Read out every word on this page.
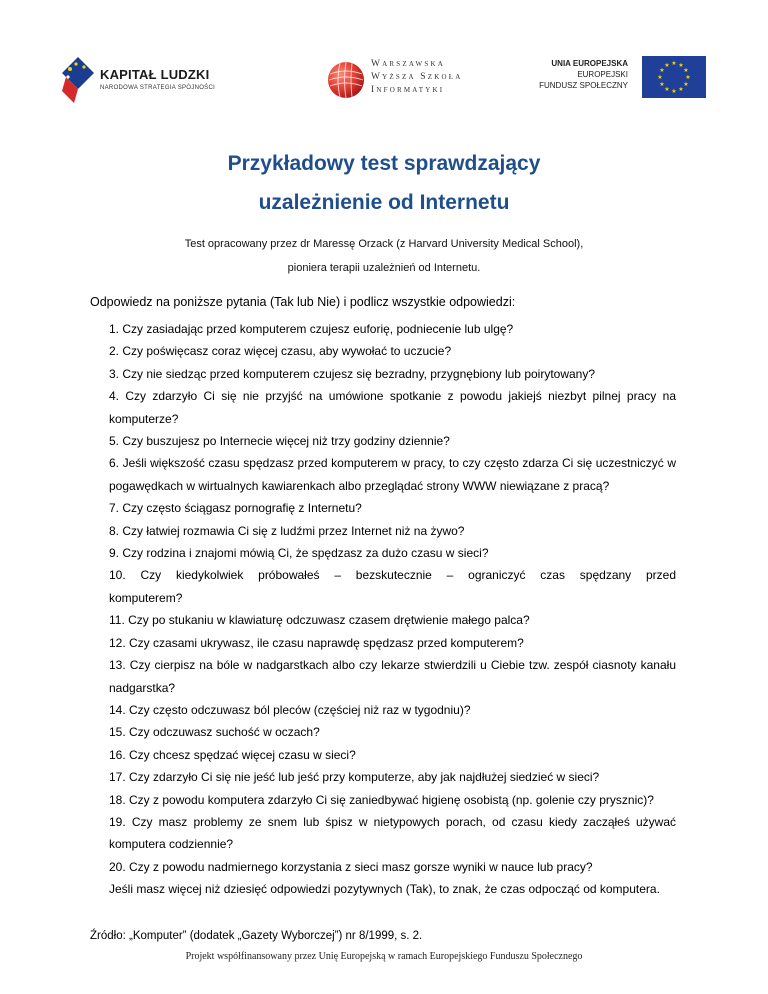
KAPITAŁ LUDZKI
NARODOWA STRATEGIA SPÓJNOŚCI
Warszawska
Wyższa Szkoła
Informatyki
UNIA EUROPEJSKA
EUROPEJSKI
FUNDUSZ SPOŁECZNY
★ ★
★
★
★
★
★
★
★
★
★
★
Przykładowy test sprawdzający
uzależnienie od Internetu
Test opracowany przez dr Maressę Orzack (z Harvard University Medical School),
pioniera terapii uzależnień od Internetu.
Odpowiedz na poniższe pytania (Tak lub Nie) i podlicz wszystkie odpowiedzi:

1. Czy zasiadając przed komputerem czujesz euforię, podniecenie lub ulgę?

2. Czy poświęcasz coraz więcej czasu, aby wywołać to uczucie?

3. Czy nie siedząc przed komputerem czujesz się bezradny, przygnębiony lub poirytowany?

4. Czy zdarzyło Ci się nie przyjść na umówione spotkanie z powodu jakiejś niezbyt pilnej pracy na komputerze?

5. Czy buszujesz po Internecie więcej niż trzy godziny dziennie?

6. Jeśli większość czasu spędzasz przed komputerem w pracy, to czy często zdarza Ci się uczestniczyć w pogawędkach w wirtualnych kawiarenkach albo przeglądać strony WWW niewiązane z pracą?

7. Czy często ściągasz pornografię z Internetu?

8. Czy łatwiej rozmawia Ci się z ludźmi przez Internet niż na żywo?

9. Czy rodzina i znajomi mówią Ci, że spędzasz za dużo czasu w sieci?

10. Czy kiedykolwiek próbowałeś – bezskutecznie – ograniczyć czas spędzany przed

komputerem?

11. Czy po stukaniu w klawiaturę odczuwasz czasem drętwienie małego palca?

12. Czy czasami ukrywasz, ile czasu naprawdę spędzasz przed komputerem?

13. Czy cierpisz na bóle w nadgarstkach albo czy lekarze stwierdzili u Ciebie tzw. zespół ciasnoty kanału nadgarstka?

14. Czy często odczuwasz ból pleców (częściej niż raz w tygodniu)?

15. Czy odczuwasz suchość w oczach?

16. Czy chcesz spędzać więcej czasu w sieci?

17. Czy zdarzyło Ci się nie jeść lub jeść przy komputerze, aby jak najdłużej siedzieć w sieci?

18. Czy z powodu komputera zdarzyło Ci się zaniedbywać higienę osobistą (np. golenie czy prysznic)?

19. Czy masz problemy ze snem lub śpisz w nietypowych porach, od czasu kiedy zacząłeś używać komputera codziennie?

20. Czy z powodu nadmiernego korzystania z sieci masz gorsze wyniki w nauce lub pracy?

Jeśli masz więcej niż dziesięć odpowiedzi pozytywnych (Tak), to znak, że czas odpocząć od komputera.

Źródło: „Komputer” (dodatek „Gazety Wyborczej”) nr 8/1999, s. 2.
Projekt współfinansowany przez Unię Europejską w ramach Europejskiego Funduszu Społecznego
